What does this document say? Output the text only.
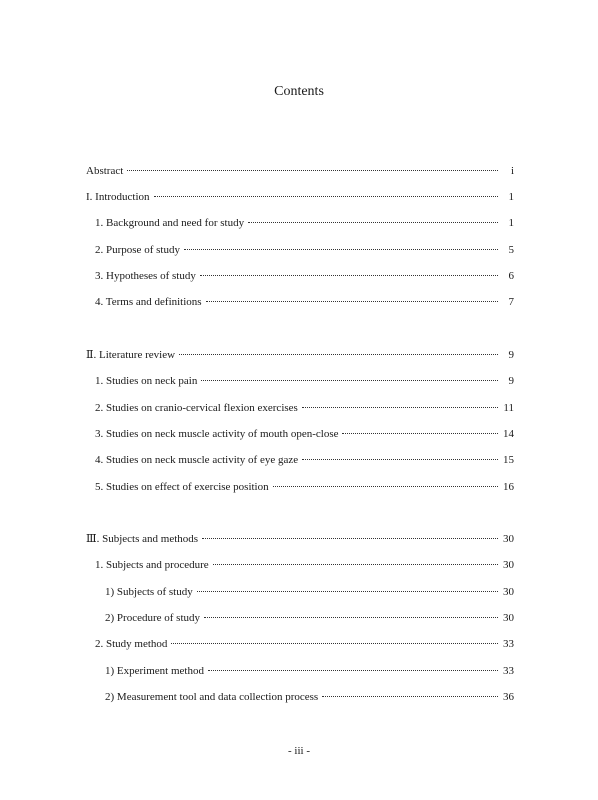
Contents
Abstract	i
I. Introduction	1
1. Background and need for study	1
2. Purpose of study	5
3. Hypotheses of study	6
4. Terms and definitions	7
Ⅱ. Literature review	9
1. Studies on neck pain	9
2. Studies on cranio-cervical flexion exercises	11
3. Studies on neck muscle activity of mouth open-close	14
4. Studies on neck muscle activity of eye gaze	15
5. Studies on effect of exercise position	16
Ⅲ. Subjects and methods	30
1. Subjects and procedure	30
1) Subjects of study	30
2) Procedure of study	30
2. Study method	33
1) Experiment method	33
2) Measurement tool and data collection process	36
- iii -
